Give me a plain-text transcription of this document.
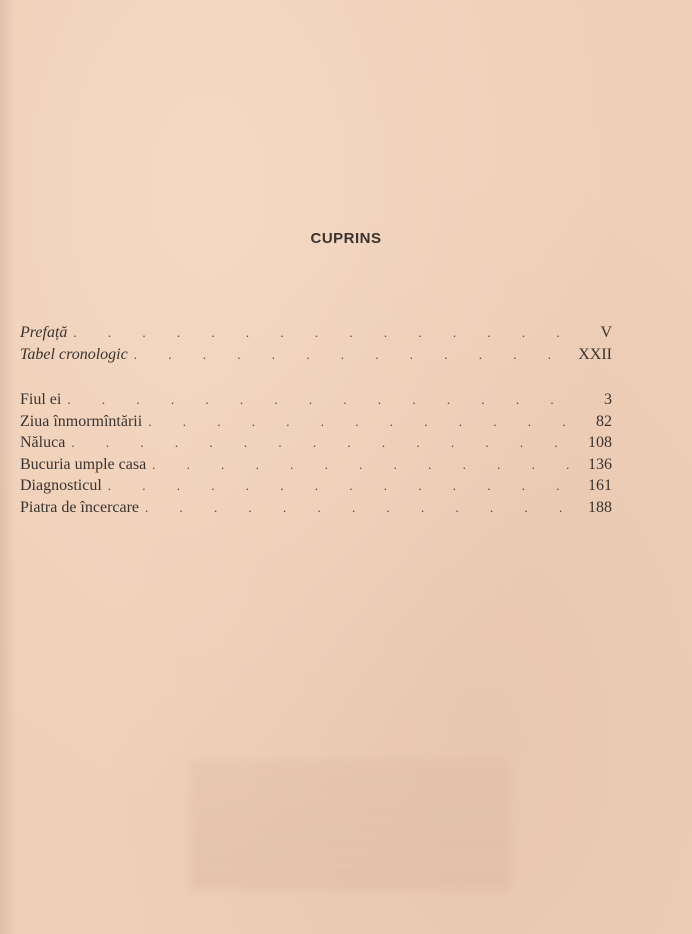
CUPRINS
Prefață . . .	V
Tabel cronologic . . .	XXII
Fiul ei . . .	3
Ziua înmormîntării . . .	82
Năluca . . .	108
Bucuria umple casa . . .	136
Diagnosticul . . .	161
Piatra de încercare . . .	188
